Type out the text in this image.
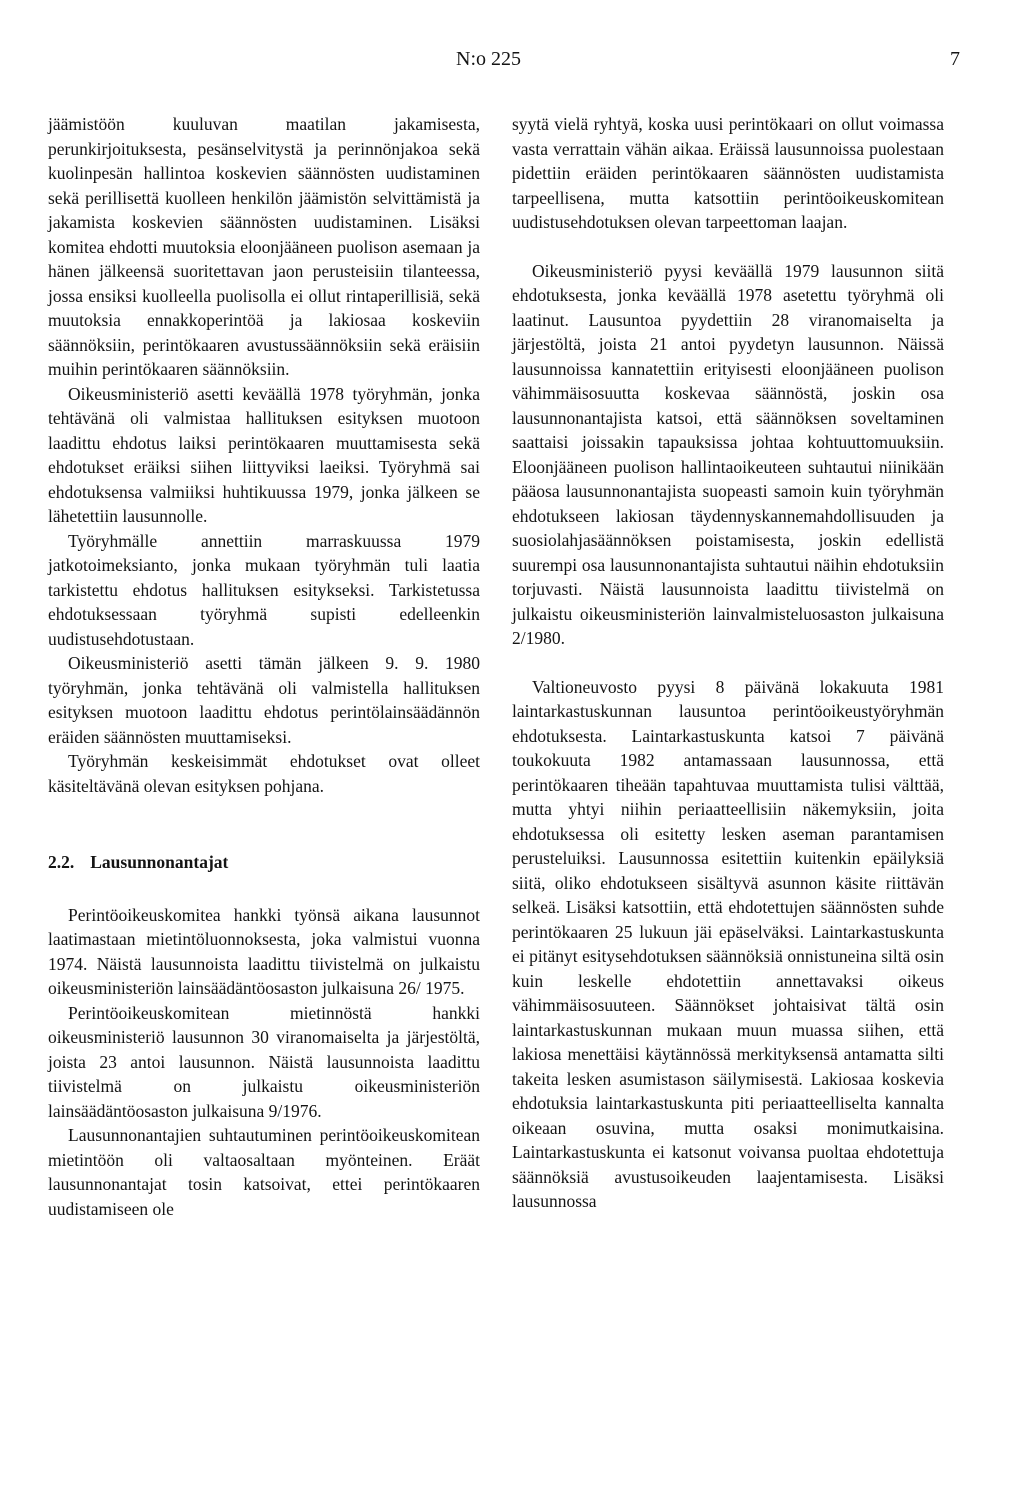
N:o 225	7

jäämistöön kuuluvan maatilan jakamisesta, perunkirjoituksesta, pesänselvitystä ja perinnönjakoa sekä kuolinpesän hallintoa koskevien säännösten uudistaminen sekä perillisettä kuolleen henkilön jäämistön selvittämistä ja jakamista koskevien säännösten uudistaminen. Lisäksi komitea ehdotti muutoksia eloonjääneen puolison asemaan ja hänen jälkeensä suoritettavan jaon perusteisiin tilanteessa, jossa ensiksi kuolleella puolisolla ei ollut rintaperillisiä, sekä muutoksia ennakkoperintöä ja lakiosaa koskeviin säännöksiin, perintökaaren avustussäännöksiin sekä eräisiin muihin perintökaaren säännöksiin.

Oikeusministeriö asetti keväällä 1978 työryhmän, jonka tehtävänä oli valmistaa hallituksen esityksen muotoon laadittu ehdotus laiksi perintökaaren muuttamisesta sekä ehdotukset eräiksi siihen liittyviksi laeiksi. Työryhmä sai ehdotuksensa valmiiksi huhtikuussa 1979, jonka jälkeen se lähetettiin lausunnolle.

Työryhmälle annettiin marraskuussa 1979 jatkotoimeksianto, jonka mukaan työryhmän tuli laatia tarkistettu ehdotus hallituksen esitykseksi. Tarkistetussa ehdotuksessaan työryhmä supisti edelleenkin uudistusehdotustaan.

Oikeusministeriö asetti tämän jälkeen 9. 9. 1980 työryhmän, jonka tehtävänä oli valmistella hallituksen esityksen muotoon laadittu ehdotus perintölainsäädännön eräiden säännösten muuttamiseksi.

Työryhmän keskeisimmät ehdotukset ovat olleet käsiteltävänä olevan esityksen pohjana.

2.2. Lausunnonantajat

Perintöoikeuskomitea hankki työnsä aikana lausunnot laatimastaan mietintöluonnoksesta, joka valmistui vuonna 1974. Näistä lausunnoista laadittu tiivistelmä on julkaistu oikeusministeriön lainsäädäntöosaston julkaisuna 26/ 1975.

Perintöoikeuskomitean mietinnöstä hankki oikeusministeriö lausunnon 30 viranomaiselta ja järjestöltä, joista 23 antoi lausunnon. Näistä lausunnoista laadittu tiivistelmä on julkaistu oikeusministeriön lainsäädäntöosaston julkaisuna 9/1976.

Lausunnonantajien suhtautuminen perintöoikeuskomitean mietintöön oli valtaosaltaan myönteinen. Eräät lausunnonantajat tosin katsoivat, ettei perintökaaren uudistamiseen ole

syytä vielä ryhtyä, koska uusi perintökaari on ollut voimassa vasta verrattain vähän aikaa. Eräissä lausunnoissa puolestaan pidettiin eräiden perintökaaren säännösten uudistamista tarpeellisena, mutta katsottiin perintöoikeuskomitean uudistusehdotuksen olevan tarpeettoman laajan.

Oikeusministeriö pyysi keväällä 1979 lausunnon siitä ehdotuksesta, jonka keväällä 1978 asetettu työryhmä oli laatinut. Lausuntoa pyydettiin 28 viranomaiselta ja järjestöltä, joista 21 antoi pyydetyn lausunnon. Näissä lausunnoissa kannatettiin erityisesti eloonjääneen puolison vähimmäisosuutta koskevaa säännöstä, joskin osa lausunnonantajista katsoi, että säännöksen soveltaminen saattaisi joissakin tapauksissa johtaa kohtuuttomuuksiin. Eloonjääneen puolison hallintaoikeuteen suhtautui niinikään pääosa lausunnonantajista suopeasti samoin kuin työryhmän ehdotukseen lakiosan täydennyskannemahdollisuuden ja suosiolahjasäännöksen poistamisesta, joskin edellistä suurempi osa lausunnonantajista suhtautui näihin ehdotuksiin torjuvasti. Näistä lausunnoista laadittu tiivistelmä on julkaistu oikeusministeriön lainvalmisteluosaston julkaisuna 2/1980.

Valtioneuvosto pyysi 8 päivänä lokakuuta 1981 laintarkastuskunnan lausuntoa perintöoikeustyöryhmän ehdotuksesta. Laintarkastuskunta katsoi 7 päivänä toukokuuta 1982 antamassaan lausunnossa, että perintökaaren tiheään tapahtuvaa muuttamista tulisi välttää, mutta yhtyi niihin periaatteellisiin näkemyksiin, joita ehdotuksessa oli esitetty lesken aseman parantamisen perusteluiksi. Lausunnossa esitettiin kuitenkin epäilyksiä siitä, oliko ehdotukseen sisältyvä asunnon käsite riittävän selkeä. Lisäksi katsottiin, että ehdotettujen säännösten suhde perintökaaren 25 lukuun jäi epäselväksi. Laintarkastuskunta ei pitänyt esitysehdotuksen säännöksiä onnistuneina siltä osin kuin leskelle ehdotettiin annettavaksi oikeus vähimmäisosuuteen. Säännökset johtaisivat tältä osin laintarkastuskunnan mukaan muun muassa siihen, että lakiosa menettäisi käytännössä merkityksensä antamatta silti takeita lesken asumistason säilymisestä. Lakiosaa koskevia ehdotuksia laintarkastuskunta piti periaatteelliselta kannalta oikeaan osuvina, mutta osaksi monimutkaisina. Laintarkastuskunta ei katsonut voivansa puoltaa ehdotettuja säännöksiä avustusoikeuden laajentamisesta. Lisäksi lausunnossa
